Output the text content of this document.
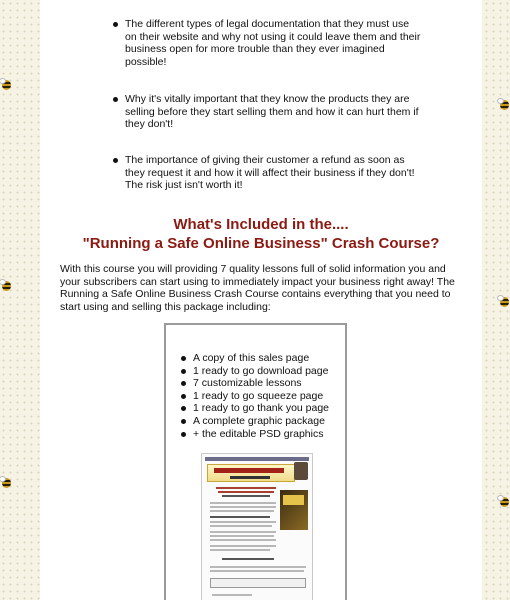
The different types of legal documentation that they must use
on their website and why not using it could leave them and their
business open for more trouble than they ever imagined
possible!
Why it's vitally important that they know the products they are
selling before they start selling them and how it can hurt them if
they don't!
The importance of giving their customer a refund as soon as
they request it and how it will affect their business if they don't!
The risk just isn't worth it!
What's Included in the....
"Running a Safe Online Business" Crash Course?

With this course you will providing 7 quality lessons full of solid information you and
your subscribers can start using to immediately impact your business right away! The
Running a Safe Online Business Crash Course contains everything that you need to
start using and selling this package including:

A copy of this sales page
1 ready to go download page
7 customizable lessons
1 ready to go squeeze page
1 ready to go thank you page
A complete graphic package
+ the editable PSD graphics
